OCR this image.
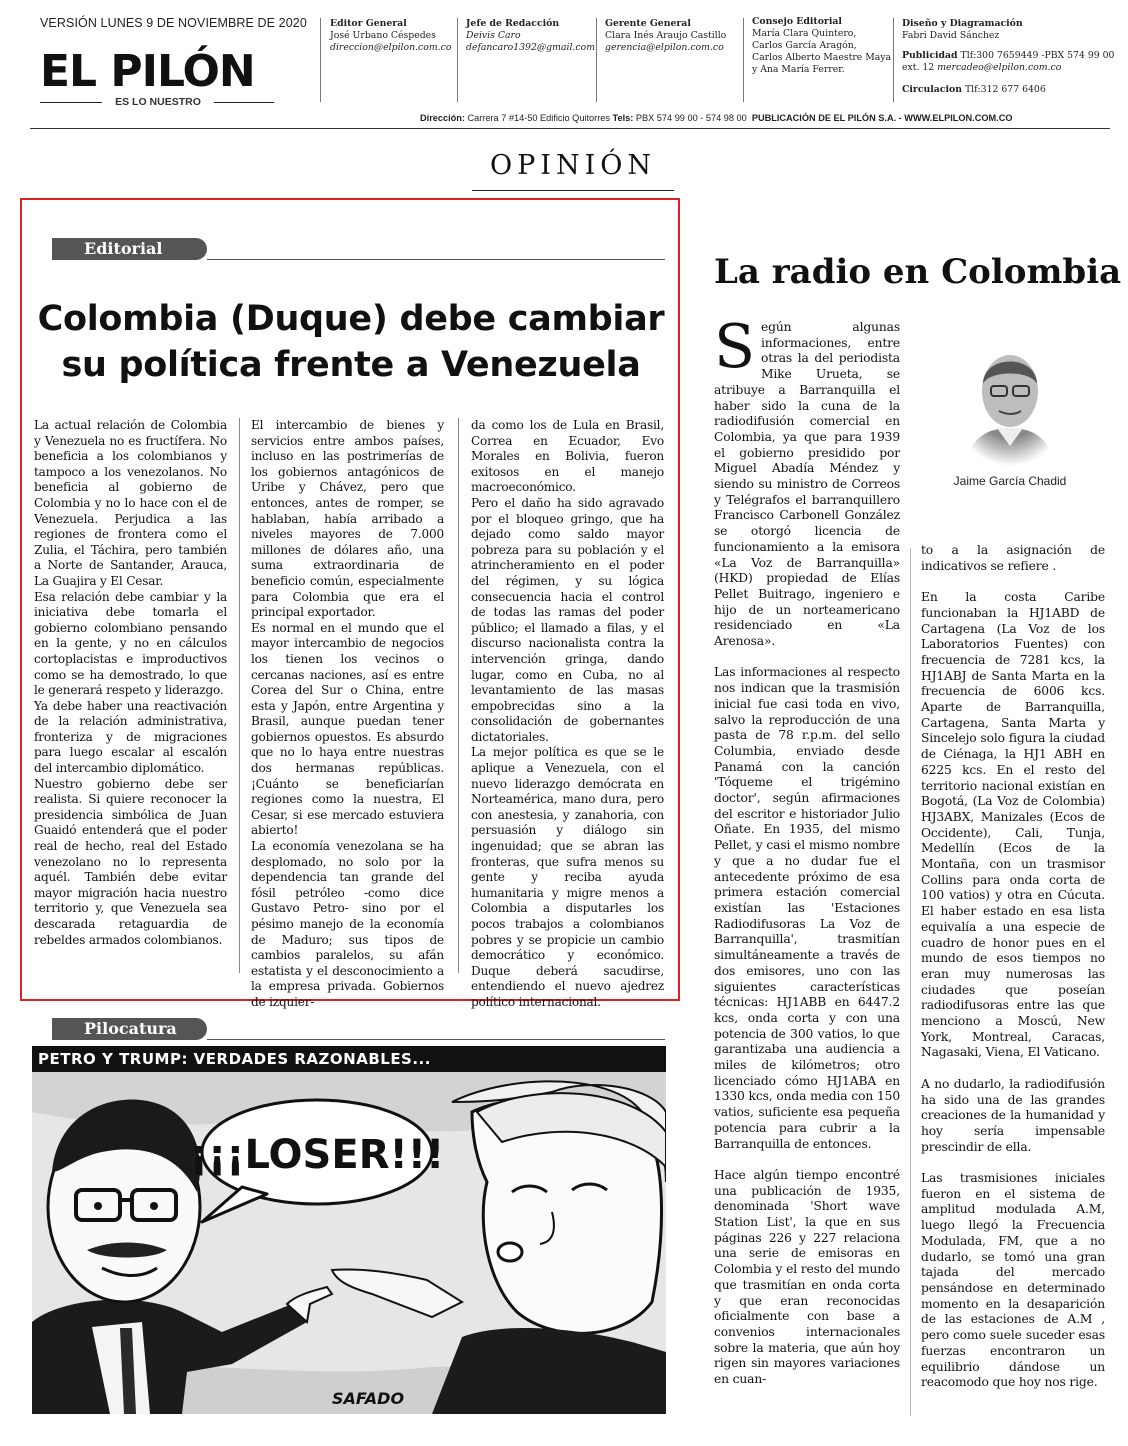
VERSIÓN LUNES 9 DE NOVIEMBRE DE 2020
EL PILÓN
ES LO NUESTRO
Editor General
José Urbano Céspedes
direccion@elpilon.com.co
Jefe de Redacción
Deivis Caro
defancaro1392@gmail.com
Gerente General
Clara Inés Araujo Castillo
gerencia@elpilon.com.co
Consejo Editorial
María Clara Quintero,
Carlos García Aragón,
Carlos Alberto Maestre Maya
y Ana María Ferrer.
Diseño y Diagramación
Fabri David Sánchez
Publicidad Tlf:300 7659449 -PBX 574 99 00
ext. 12 mercadeo@elpilon.com.co
Circulacion Tlf:312 677 6406
Dirección: Carrera 7 #14-50 Edificio Quitorres Tels: PBX 574 99 00 - 574 98 00 PUBLICACIÓN DE EL PILÓN S.A. - WWW.ELPILON.COM.CO
OPINIÓN
Editorial
Colombia (Duque) debe cambiar
su política frente a Venezuela

La actual relación de Colombia y Venezuela no es fructífera. No beneficia a los colombianos y tampoco a los venezolanos. No beneficia al gobierno de Colombia y no lo hace con el de Venezuela. Perjudica a las regiones de frontera como el Zulia, el Táchira, pero también a Norte de Santander, Arauca, La Guajira y El Cesar.

Esa relación debe cambiar y la iniciativa debe tomarla el gobierno colombiano pensando en la gente, y no en cálculos cortoplacistas e improductivos como se ha demostrado, lo que le generará respeto y liderazgo.

Ya debe haber una reactivación de la relación administrativa, fronteriza y de migraciones para luego escalar al escalón del intercambio diplomático.

Nuestro gobierno debe ser realista. Si quiere reconocer la presidencia simbólica de Juan Guaidó entenderá que el poder real de hecho, real del Estado venezolano no lo representa aquél. También debe evitar mayor migración hacia nuestro territorio y, que Venezuela sea descarada retaguardia de rebeldes armados colombianos.

El intercambio de bienes y servicios entre ambos países, incluso en las postrimerías de los gobiernos antagónicos de Uribe y Chávez, pero que entonces, antes de romper, se hablaban, había arribado a niveles mayores de 7.000 millones de dólares año, una suma extraordinaria de beneficio común, especialmente para Colombia que era el principal exportador.

Es normal en el mundo que el mayor intercambio de negocios los tienen los vecinos o cercanas naciones, así es entre Corea del Sur o China, entre esta y Japón, entre Argentina y Brasil, aunque puedan tener gobiernos opuestos. Es absurdo que no lo haya entre nuestras dos hermanas repúblicas. ¡Cuánto se beneficiarían regiones como la nuestra, El Cesar, si ese mercado estuviera abierto!

La economía venezolana se ha desplomado, no solo por la dependencia tan grande del fósil petróleo -como dice Gustavo Petro- sino por el pésimo manejo de la economía de Maduro; sus tipos de cambios paralelos, su afán estatista y el desconocimiento a la empresa privada. Gobiernos de izquier-

da como los de Lula en Brasil, Correa en Ecuador, Evo Morales en Bolivia, fueron exitosos en el manejo macroeconómico.

Pero el daño ha sido agravado por el bloqueo gringo, que ha dejado como saldo mayor pobreza para su población y el atrincheramiento en el poder del régimen, y su lógica consecuencia hacia el control de todas las ramas del poder público; el llamado a filas, y el discurso nacionalista contra la intervención gringa, dando lugar, como en Cuba, no al levantamiento de las masas empobrecidas sino a la consolidación de gobernantes dictatoriales.

La mejor política es que se le aplique a Venezuela, con el nuevo liderazgo demócrata en Norteamérica, mano dura, pero con anestesia, y zanahoria, con persuasión y diálogo sin ingenuidad; que se abran las fronteras, que sufra menos su gente y reciba ayuda humanitaria y migre menos a Colombia a disputarles los pocos trabajos a colombianos pobres y se propicie un cambio democrático y económico. Duque deberá sacudirse, entendiendo el nuevo ajedrez político internacional.

Pilocatura
PETRO Y TRUMP: VERDADES RAZONABLES...
¡¡¡LOSER!!!
SAFADO
La radio en Colombia

Según algunas informaciones, entre otras la del periodista Mike Urueta, se atribuye a Barranquilla el haber sido la cuna de la radiodifusión comercial en Colombia, ya que para 1939 el gobierno presidido por Miguel Abadía Méndez y siendo su ministro de Correos y Telégrafos el barranquillero Francisco Carbonell González se otorgó licencia de funcionamiento a la emisora «La Voz de Barranquilla» (HKD) propiedad de Elías Pellet Buitrago, ingeniero e hijo de un norteamericano residenciado en «La Arenosa».

Las informaciones al respecto nos indican que la trasmisión inicial fue casi toda en vivo, salvo la reproducción de una pasta de 78 r.p.m. del sello Columbia, enviado desde Panamá con la canción 'Tóqueme el trigémino doctor', según afirmaciones del escritor e historiador Julio Oñate. En 1935, del mismo Pellet, y casi el mismo nombre y que a no dudar fue el antecedente próximo de esa primera estación comercial existían las 'Estaciones Radiodifusoras La Voz de Barranquilla', trasmitían simultáneamente a través de dos emisores, uno con las siguientes características técnicas: HJ1ABB en 6447.2 kcs, onda corta y con una potencia de 300 vatios, lo que garantizaba una audiencia a miles de kilómetros; otro licenciado cómo HJ1ABA en 1330 kcs, onda media con 150 vatios, suficiente esa pequeña potencia para cubrir a la Barranquilla de entonces.

Hace algún tiempo encontré una publicación de 1935, denominada 'Short wave Station List', la que en sus páginas 226 y 227 relaciona una serie de emisoras en Colombia y el resto del mundo que trasmitían en onda corta y que eran reconocidas oficialmente con base a convenios internacionales sobre la materia, que aún hoy rigen sin mayores variaciones en cuan-

Jaime García Chadid

to a la asignación de indicativos se refiere .

En la costa Caribe funcionaban la HJ1ABD de Cartagena (La Voz de los Laboratorios Fuentes) con frecuencia de 7281 kcs, la HJ1ABJ de Santa Marta en la frecuencia de 6006 kcs. Aparte de Barranquilla, Cartagena, Santa Marta y Sincelejo solo figura la ciudad de Ciénaga, la HJ1 ABH en 6225 kcs. En el resto del territorio nacional existían en Bogotá, (La Voz de Colombia) HJ3ABX, Manizales (Ecos de Occidente), Cali, Tunja, Medellín (Ecos de la Montaña, con un trasmisor Collins para onda corta de 100 vatios) y otra en Cúcuta. El haber estado en esa lista equivalía a una especie de cuadro de honor pues en el mundo de esos tiempos no eran muy numerosas las ciudades que poseían radiodifusoras entre las que menciono a Moscú, New York, Montreal, Caracas, Nagasaki, Viena, El Vaticano.

A no dudarlo, la radiodifusión ha sido una de las grandes creaciones de la humanidad y hoy sería impensable prescindir de ella.

Las trasmisiones iniciales fueron en el sistema de amplitud modulada A.M, luego llegó la Frecuencia Modulada, FM, que a no dudarlo, se tomó una gran tajada del mercado pensándose en determinado momento en la desaparición de las estaciones de A.M , pero como suele suceder esas fuerzas encontraron un equilibrio dándose un reacomodo que hoy nos rige.
